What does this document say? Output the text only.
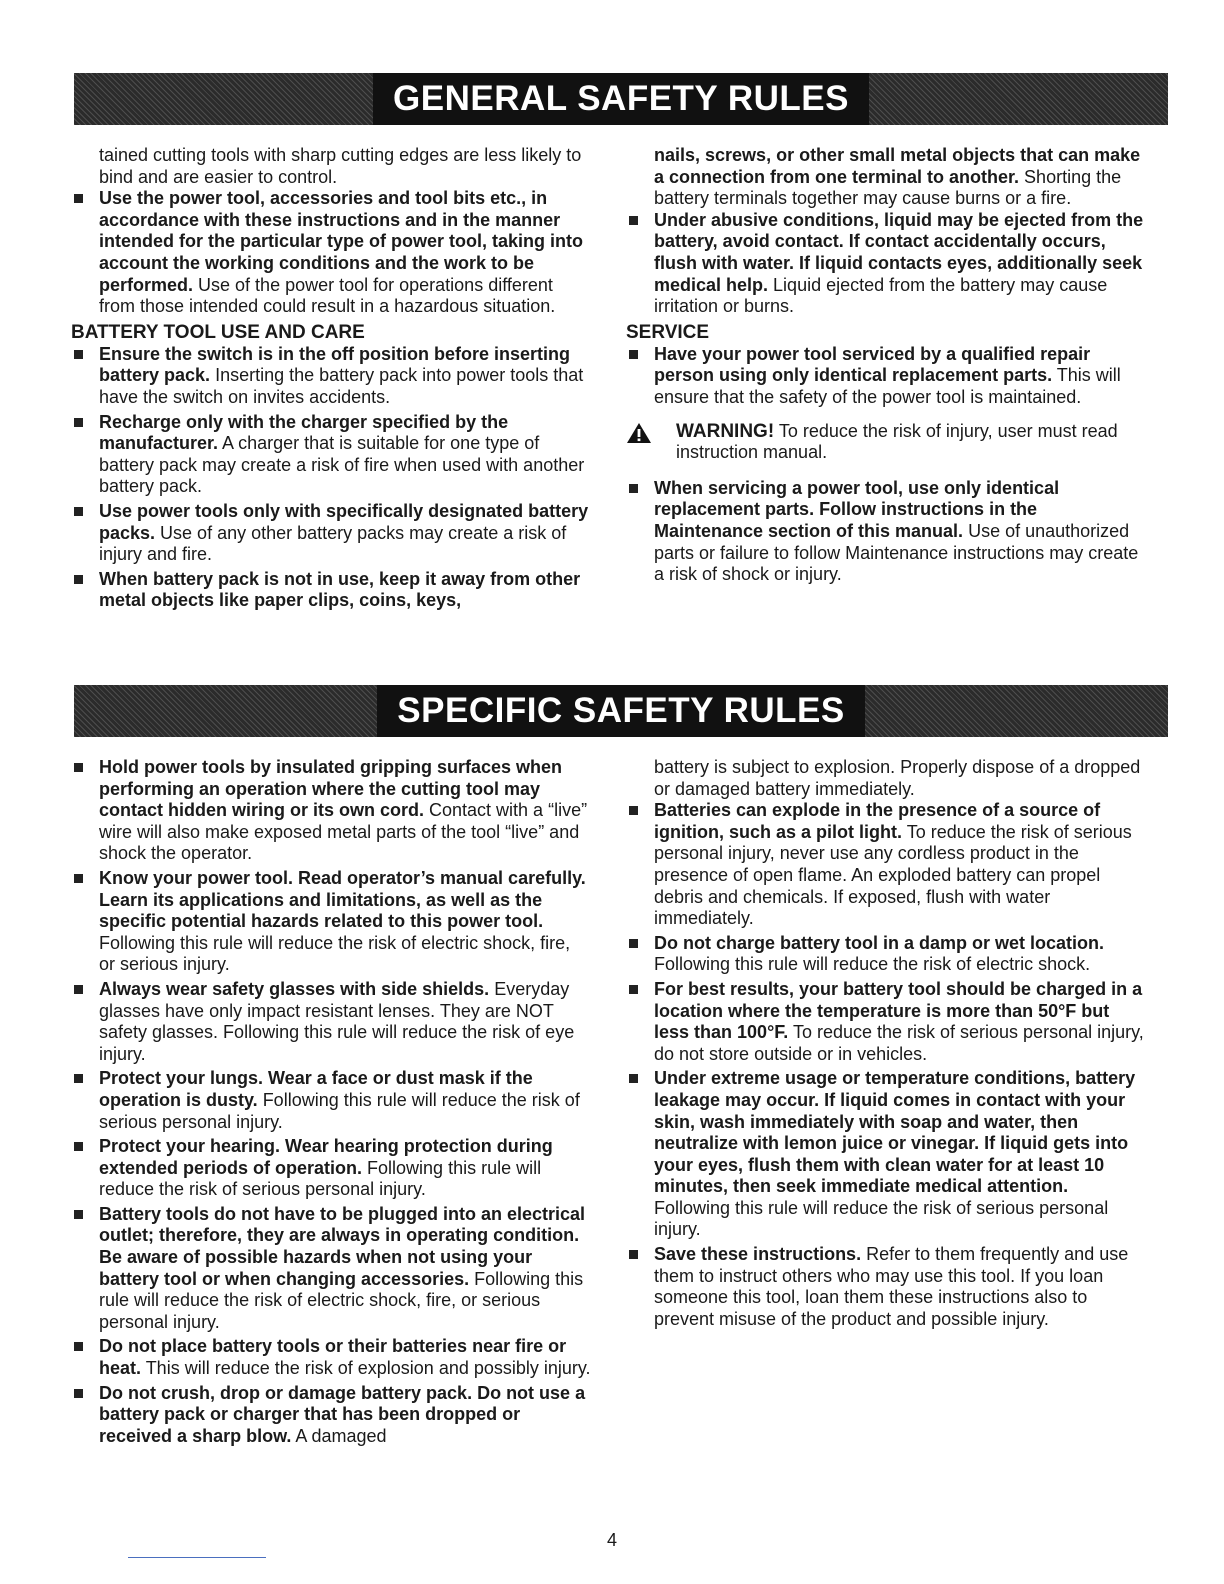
GENERAL SAFETY RULES

tained cutting tools with sharp cutting edges are less likely to bind and are easier to control.

Use the power tool, accessories and tool bits etc., in accordance with these instructions and in the manner intended for the particular type of power tool, taking into account the working conditions and the work to be performed. Use of the power tool for operations different from those intended could result in a hazardous situation.
BATTERY TOOL USE AND CARE
Ensure the switch is in the off position before inserting battery pack. Inserting the battery pack into power tools that have the switch on invites accidents.
Recharge only with the charger specified by the manufacturer. A charger that is suitable for one type of battery pack may create a risk of fire when used with another battery pack.
Use power tools only with specifically designated battery packs. Use of any other battery packs may create a risk of injury and fire.
When battery pack is not in use, keep it away from other metal objects like paper clips, coins, keys,

nails, screws, or other small metal objects that can make a connection from one terminal to another. Shorting the battery terminals together may cause burns or a fire.

Under abusive conditions, liquid may be ejected from the battery, avoid contact. If contact accidentally occurs, flush with water. If liquid contacts eyes, additionally seek medical help. Liquid ejected from the battery may cause irritation or burns.
SERVICE
Have your power tool serviced by a qualified repair person using only identical replacement parts. This will ensure that the safety of the power tool is maintained.
WARNING! To reduce the risk of injury, user must read instruction manual.
When servicing a power tool, use only identical replacement parts. Follow instructions in the Maintenance section of this manual. Use of unauthorized parts or failure to follow Maintenance instructions may create a risk of shock or injury.
SPECIFIC SAFETY RULES
Hold power tools by insulated gripping surfaces when performing an operation where the cutting tool may contact hidden wiring or its own cord. Contact with a “live” wire will also make exposed metal parts of the tool “live” and shock the operator.
Know your power tool. Read operator’s manual carefully. Learn its applications and limitations, as well as the specific potential hazards related to this power tool. Following this rule will reduce the risk of electric shock, fire, or serious injury.
Always wear safety glasses with side shields. Everyday glasses have only impact resistant lenses. They are NOT safety glasses. Following this rule will reduce the risk of eye injury.
Protect your lungs. Wear a face or dust mask if the operation is dusty. Following this rule will reduce the risk of serious personal injury.
Protect your hearing. Wear hearing protection during extended periods of operation. Following this rule will reduce the risk of serious personal injury.
Battery tools do not have to be plugged into an electrical outlet; therefore, they are always in operating condition. Be aware of possible hazards when not using your battery tool or when changing accessories. Following this rule will reduce the risk of electric shock, fire, or serious personal injury.
Do not place battery tools or their batteries near fire or heat. This will reduce the risk of explosion and possibly injury.
Do not crush, drop or damage battery pack. Do not use a battery pack or charger that has been dropped or received a sharp blow. A damaged

battery is subject to explosion. Properly dispose of a dropped or damaged battery immediately.

Batteries can explode in the presence of a source of ignition, such as a pilot light. To reduce the risk of serious personal injury, never use any cordless product in the presence of open flame. An exploded battery can propel debris and chemicals. If exposed, flush with water immediately.
Do not charge battery tool in a damp or wet location. Following this rule will reduce the risk of electric shock.
For best results, your battery tool should be charged in a location where the temperature is more than 50°F but less than 100°F. To reduce the risk of serious personal injury, do not store outside or in vehicles.
Under extreme usage or temperature conditions, battery leakage may occur. If liquid comes in contact with your skin, wash immediately with soap and water, then neutralize with lemon juice or vinegar. If liquid gets into your eyes, flush them with clean water for at least 10 minutes, then seek immediate medical attention. Following this rule will reduce the risk of serious personal injury.
Save these instructions. Refer to them frequently and use them to instruct others who may use this tool. If you loan someone this tool, loan them these instructions also to prevent misuse of the product and possible injury.
4
